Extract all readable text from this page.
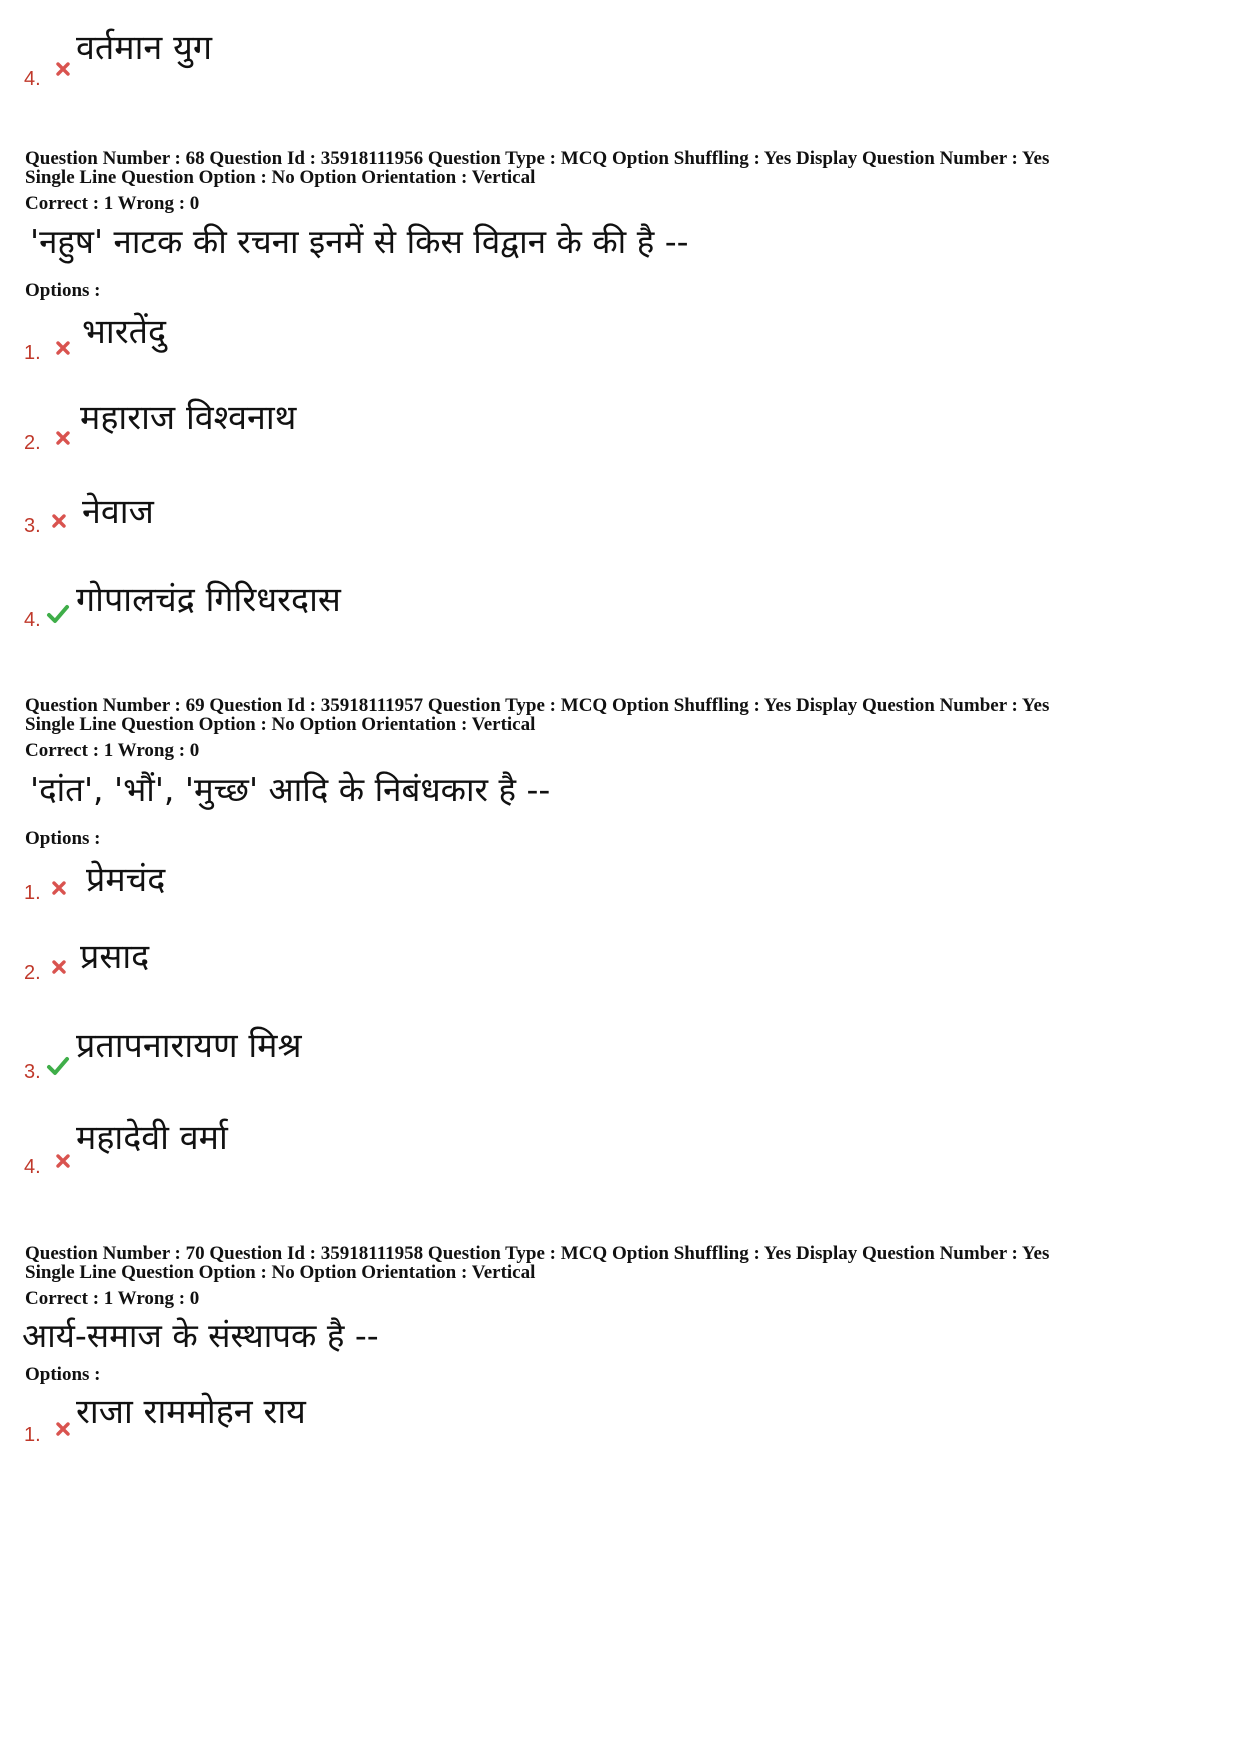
4.
वर्तमान युग
Question Number : 68 Question Id : 35918111956 Question Type : MCQ Option Shuffling : Yes Display Question Number : Yes
Single Line Question Option : No Option Orientation : Vertical
Correct : 1 Wrong : 0
'नहुष' नाटक की रचना इनमें से किस विद्वान के की है --
Options :
1.
भारतेंदु
2.
महाराज विश्वनाथ
3. नेवाज
4. गोपालचंद्र गिरिधरदास
Question Number : 69 Question Id : 35918111957 Question Type : MCQ Option Shuffling : Yes Display Question Number : Yes
Single Line Question Option : No Option Orientation : Vertical
Correct : 1 Wrong : 0
'दांत', 'भौं', 'मुच्छ' आदि के निबंधकार है --
Options :
1. प्रेमचंद
2. प्रसाद
3.
प्रतापनारायण मिश्र
4.
महादेवी वर्मा
Question Number : 70 Question Id : 35918111958 Question Type : MCQ Option Shuffling : Yes Display Question Number : Yes
Single Line Question Option : No Option Orientation : Vertical
Correct : 1 Wrong : 0
आर्य-समाज के संस्थापक है --
Options :
1.
राजा राममोहन राय
